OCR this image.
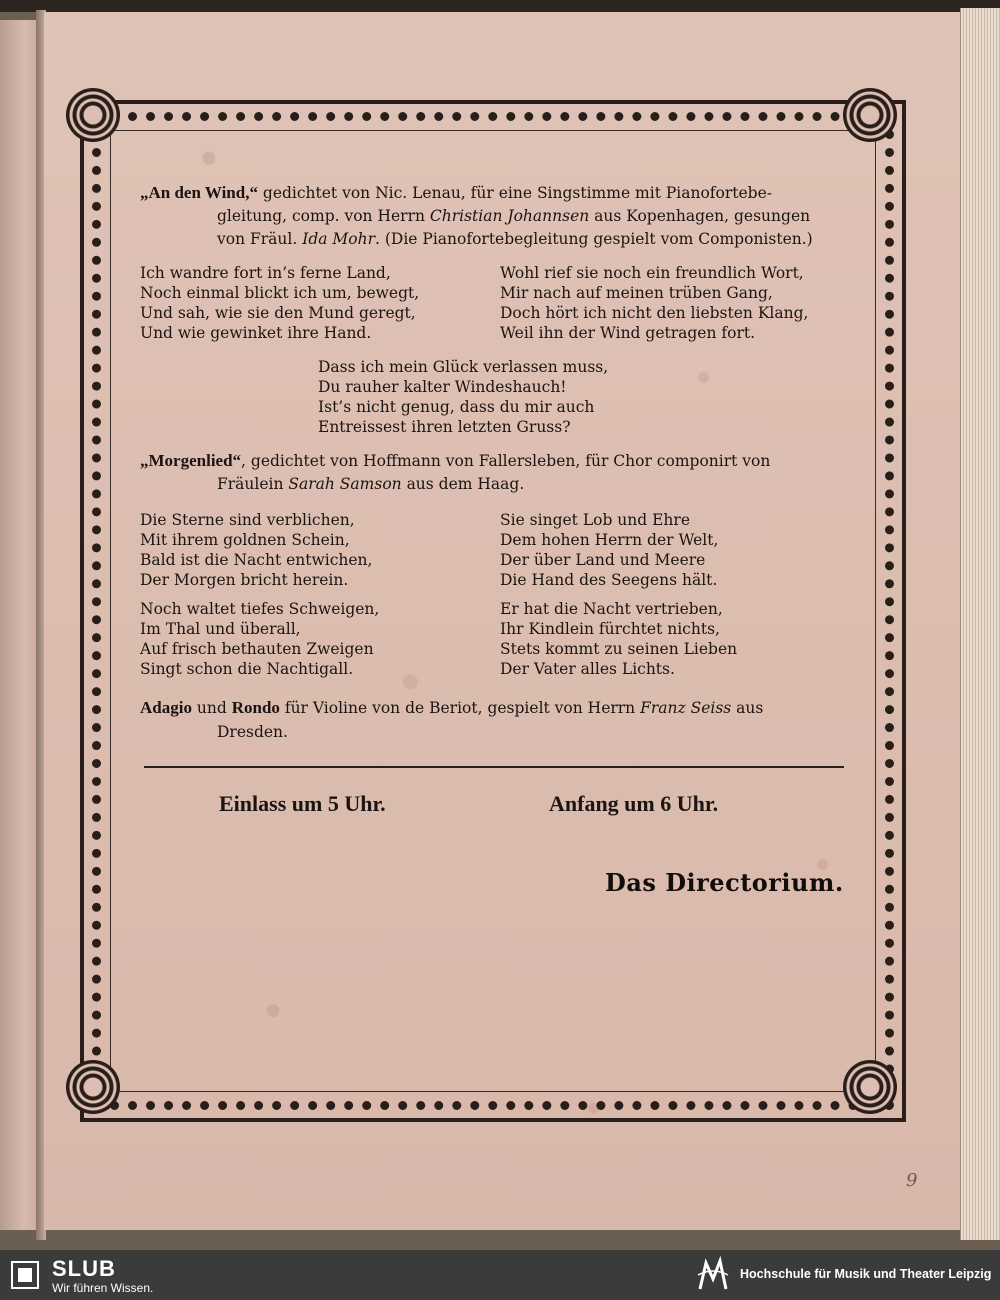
„An den Wind,“ gedichtet von Nic. Lenau, für eine Singstimme mit Pianofortebe-
gleitung, comp. von Herrn Christian Johannsen aus Kopenhagen, gesungen
von Fräul. Ida Mohr. (Die Pianofortebegleitung gespielt vom Componisten.)
Ich wandre fort in’s ferne Land,
Noch einmal blickt ich um, bewegt,
Und sah, wie sie den Mund geregt,
Und wie gewinket ihre Hand.
Wohl rief sie noch ein freundlich Wort,
Mir nach auf meinen trüben Gang,
Doch hört ich nicht den liebsten Klang,
Weil ihn der Wind getragen fort.
Dass ich mein Glück verlassen muss,
Du rauher kalter Windeshauch!
Ist’s nicht genug, dass du mir auch
Entreissest ihren letzten Gruss?
„Morgenlied“, gedichtet von Hoffmann von Fallersleben, für Chor componirt von
Fräulein Sarah Samson aus dem Haag.
Die Sterne sind verblichen,
Mit ihrem goldnen Schein,
Bald ist die Nacht entwichen,
Der Morgen bricht herein.
Sie singet Lob und Ehre
Dem hohen Herrn der Welt,
Der über Land und Meere
Die Hand des Seegens hält.
Noch waltet tiefes Schweigen,
Im Thal und überall,
Auf frisch bethauten Zweigen
Singt schon die Nachtigall.
Er hat die Nacht vertrieben,
Ihr Kindlein fürchtet nichts,
Stets kommt zu seinen Lieben
Der Vater alles Lichts.
Adagio und Rondo für Violine von de Beriot, gespielt von Herrn Franz Seiss aus
Dresden.
Einlass um 5 Uhr.	Anfang um 6 Uhr.
Das Directorium.
9
SLUB
Wir führen Wissen.
Hochschule für Musik und Theater Leipzig
